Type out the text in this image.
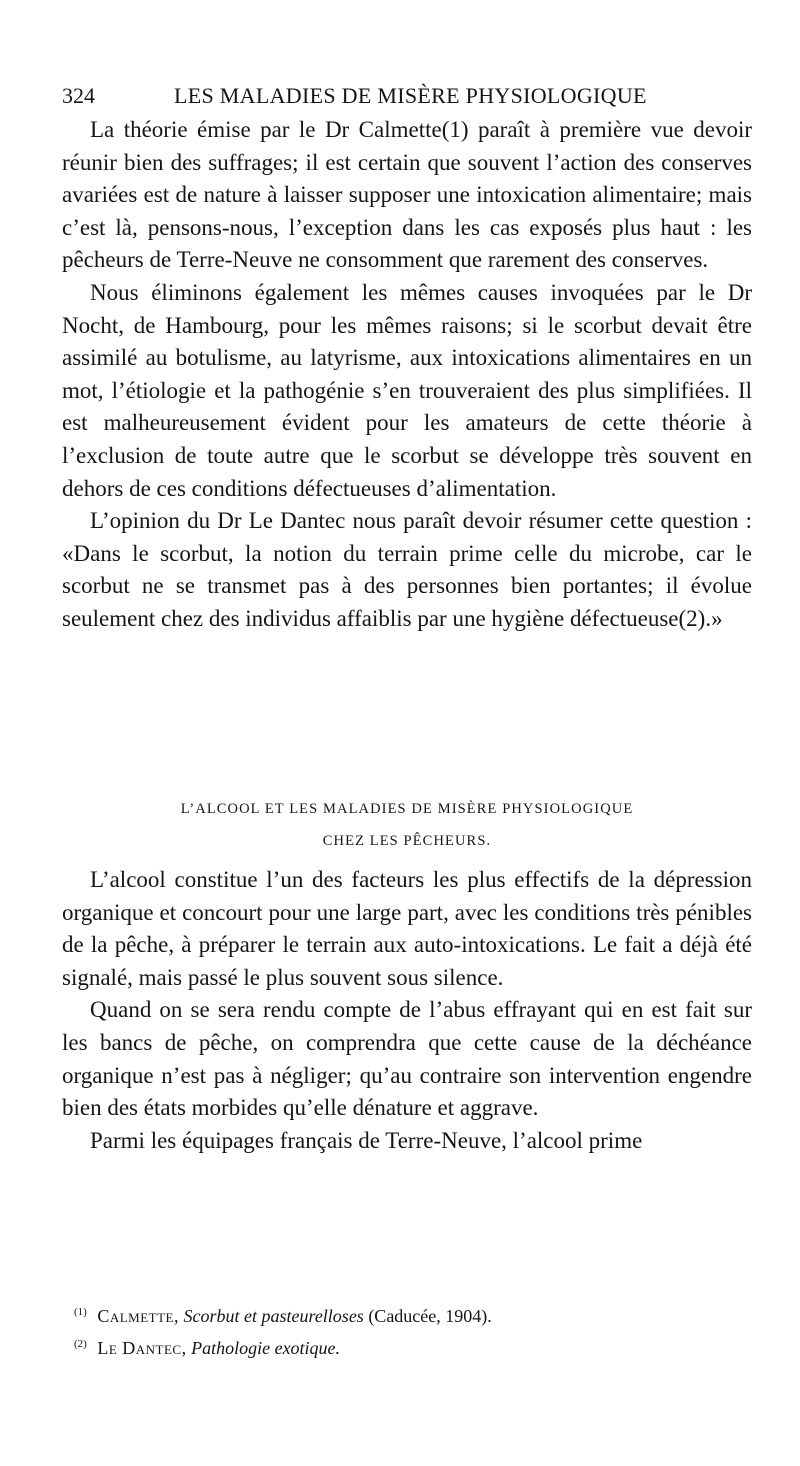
324	LES MALADIES DE MISÈRE PHYSIOLOGIQUE

La théorie émise par le Dr Calmette(1) paraît à première vue devoir réunir bien des suffrages; il est certain que souvent l’action des conserves avariées est de nature à laisser supposer une intoxication alimentaire; mais c’est là, pensons-nous, l’exception dans les cas exposés plus haut : les pêcheurs de Terre-Neuve ne consomment que rarement des conserves.

Nous éliminons également les mêmes causes invoquées par le Dr Nocht, de Hambourg, pour les mêmes raisons; si le scorbut devait être assimilé au botulisme, au latyrisme, aux intoxications alimentaires en un mot, l’étiologie et la pathogénie s’en trouveraient des plus simplifiées. Il est malheureusement évident pour les amateurs de cette théorie à l’exclusion de toute autre que le scorbut se développe très souvent en dehors de ces conditions défectueuses d’alimentation.

L’opinion du Dr Le Dantec nous paraît devoir résumer cette question : «Dans le scorbut, la notion du terrain prime celle du microbe, car le scorbut ne se transmet pas à des personnes bien portantes; il évolue seulement chez des individus affaiblis par une hygiène défectueuse(2).»

L’ALCOOL ET LES MALADIES DE MISÈRE PHYSIOLOGIQUE
CHEZ LES PÊCHEURS.

L’alcool constitue l’un des facteurs les plus effectifs de la dépression organique et concourt pour une large part, avec les conditions très pénibles de la pêche, à préparer le terrain aux auto-intoxications. Le fait a déjà été signalé, mais passé le plus souvent sous silence.

Quand on se sera rendu compte de l’abus effrayant qui en est fait sur les bancs de pêche, on comprendra que cette cause de la déchéance organique n’est pas à négliger; qu’au contraire son intervention engendre bien des états morbides qu’elle dénature et aggrave.

Parmi les équipages français de Terre-Neuve, l’alcool prime

$^{(1)}$ Calmette, Scorbut et pasteurelloses (Caducée, 1904).
$^{(2)}$ Le Dantec, Pathologie exotique.
